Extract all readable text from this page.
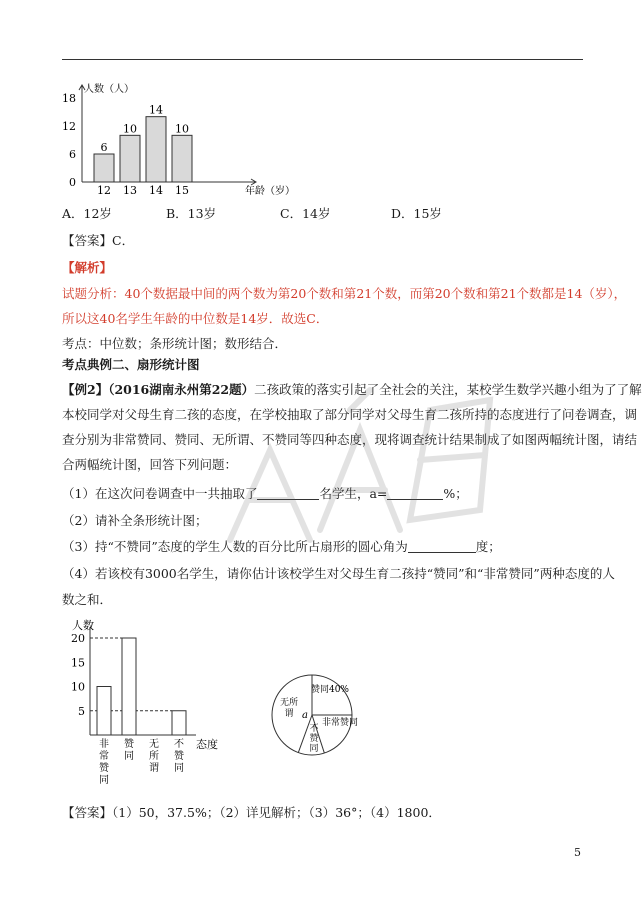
人数（人）
年龄（岁）
0
6
12
18
6
12
10
13
14
14
10
15
A．12岁	B．13岁	C．14岁	D．15岁
【答案】C．
【解析】
试题分析：40个数据最中间的两个数为第20个数和第21个数，而第20个数和第21个数都是14（岁），
所以这40名学生年龄的中位数是14岁．故选C．
考点：中位数；条形统计图；数形结合．
考点典例二、扇形统计图
【例2】（2016湖南永州第22题）二孩政策的落实引起了全社会的关注，某校学生数学兴趣小组为了了解
本校同学对父母生育二孩的态度，在学校抽取了部分同学对父母生育二孩所持的态度进行了问卷调查，调
查分别为非常赞同、赞同、无所谓、不赞同等四种态度，现将调查统计结果制成了如图两幅统计图，请结
合两幅统计图，回答下列问题：
（1）在这次问卷调查中一共抽取了	名学生，a=	%；
（2）请补全条形统计图；
（3）持“不赞同”态度的学生人数的百分比所占扇形的圆心角为	度；
（4）若该校有3000名学生，请你估计该校学生对父母生育二孩持“赞同”和“非常赞同”两种态度的人
数之和．
人数
态度
5
10
15
20
非
常
赞
同
赞
同
无
所
谓
不
赞
同
赞同40%
非常赞同
a
不
赞
同
无所
谓
【答案】（1）50，37.5%；（2）详见解析；（3）36°；（4）1800．
5
